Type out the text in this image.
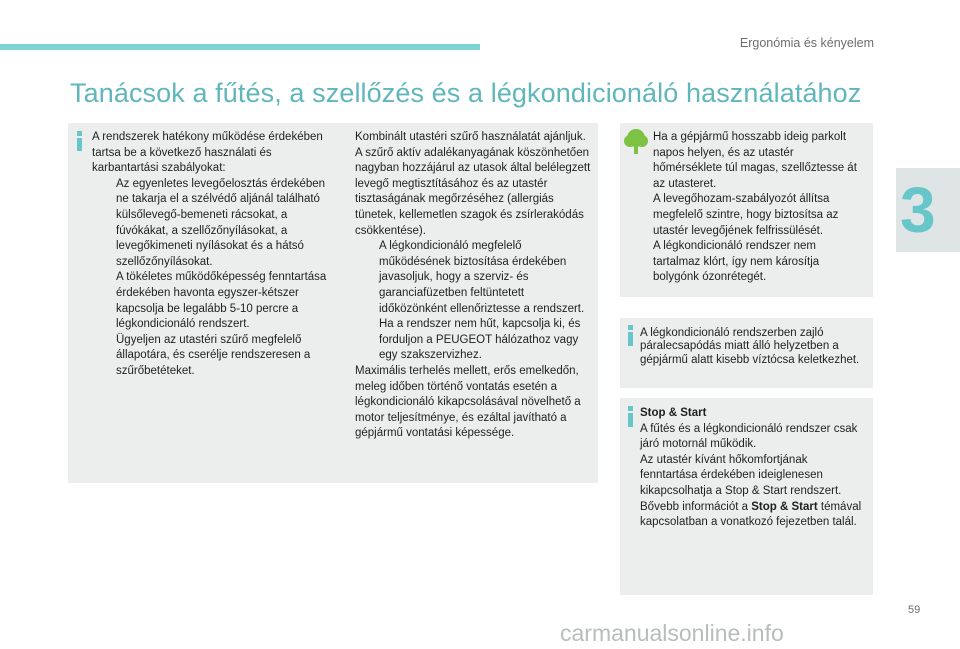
Ergonómia és kényelem
3
Tanácsok a fűtés, a szellőzés és a légkondicionáló használatához

A rendszerek hatékony működése érdekében tartsa be a következő használati és karbantartási szabályokat:

Az egyenletes levegőelosztás érdekében ne takarja el a szélvédő aljánál található külsőlevegő-bemeneti rácsokat, a fúvókákat, a szellőzőnyílásokat, a levegőkimeneti nyílásokat és a hátsó szellőzőnyílásokat.
A tökéletes működőképesség fenntartása érdekében havonta egyszer-kétszer kapcsolja be legalább 5-10 percre a légkondicionáló rendszert.
Ügyeljen az utastéri szűrő megfelelő állapotára, és cserélje rendszeresen a szűrőbetéteket.

Kombinált utastéri szűrő használatát ajánljuk. A szűrő aktív adalékanyagának köszönhetően nagyban hozzájárul az utasok által belélegzett levegő megtisztításához és az utastér tisztaságának megőrzéséhez (allergiás tünetek, kellemetlen szagok és zsírlerakódás csökkentése).

A légkondicionáló megfelelő működésének biztosítása érdekében javasoljuk, hogy a szerviz- és garanciafüzetben feltüntetett időközönként ellenőriztesse a rendszert.
Ha a rendszer nem hűt, kapcsolja ki, és forduljon a PEUGEOT hálózathoz vagy egy szakszervizhez.

Maximális terhelés mellett, erős emelkedőn, meleg időben történő vontatás esetén a légkondicionáló kikapcsolásával növelhető a motor teljesítménye, és ezáltal javítható a gépjármű vontatási képessége.

Ha a gépjármű hosszabb ideig parkolt napos helyen, és az utastér hőmérséklete túl magas, szellőztesse át az utasteret.

A levegőhozam-szabályozót állítsa megfelelő szintre, hogy biztosítsa az utastér levegőjének felfrissülését.

A légkondicionáló rendszer nem tartalmaz klórt, így nem károsítja bolygónk ózonrétegét.

A légkondicionáló rendszerben zajló páralecsapódás miatt álló helyzetben a gépjármű alatt kisebb víztócsa keletkezhet.

Stop & Start

A fűtés és a légkondicionáló rendszer csak járó motornál működik.

Az utastér kívánt hőkomfortjának fenntartása érdekében ideiglenesen kikapcsolhatja a Stop & Start rendszert.

Bővebb információt a Stop & Start témával kapcsolatban a vonatkozó fejezetben talál.

59
carmanualsonline.info
